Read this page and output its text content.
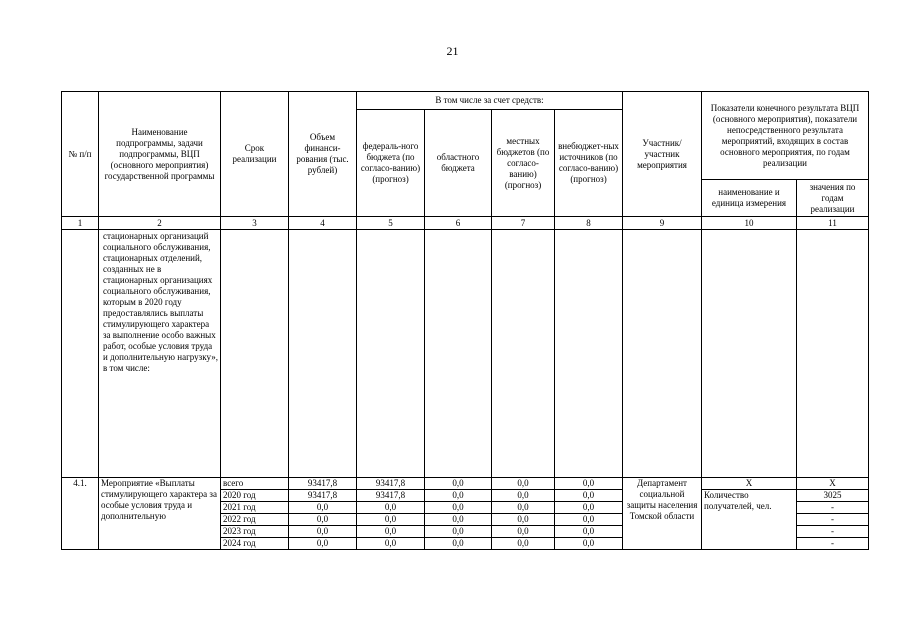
21
№ п/п	Наименование подпрограммы, задачи подпрограммы, ВЦП (основного мероприятия) государственной программы	Срок реализации	Объем финанси-рования (тыс. рублей)	В том числе за счет средств:				Участник/ участник мероприятия	Показатели конечного результата ВЦП (основного мероприятия), показатели непосредственного результата мероприятий, входящих в состав основного мероприятия, по годам реализации	
				федераль-ного бюджета (по согласо-ванию) (прогноз)	областного бюджета	местных бюджетов (по согласо-ванию) (прогноз)	внебюджет-ных источников (по согласо-ванию) (прогноз)			
									наименование и единица измерения	значения по годам реализации
1	2	3	4	5	6	7	8	9	10	11
	стационарных организаций социального обслуживания, стационарных отделений, созданных не в стационарных организациях социального обслуживания, которым в 2020 году предоставлялись выплаты стимулирующего характера за выполнение особо важных работ, особые условия труда и дополнительную нагрузку», в том числе:									
4.1.	Мероприятие «Выплаты стимулирующего характера за особые условия труда и дополнительную	всего	93417,8	93417,8	0,0	0,0	0,0	Департамент социальной защиты населения Томской области	X	X
		2020 год	93417,8	93417,8	0,0	0,0	0,0		Количество получателей, чел.	3025
		2021 год	0,0	0,0	0,0	0,0	0,0			-
		2022 год	0,0	0,0	0,0	0,0	0,0			-
		2023 год	0,0	0,0	0,0	0,0	0,0			-
		2024 год	0,0	0,0	0,0	0,0	0,0			-
